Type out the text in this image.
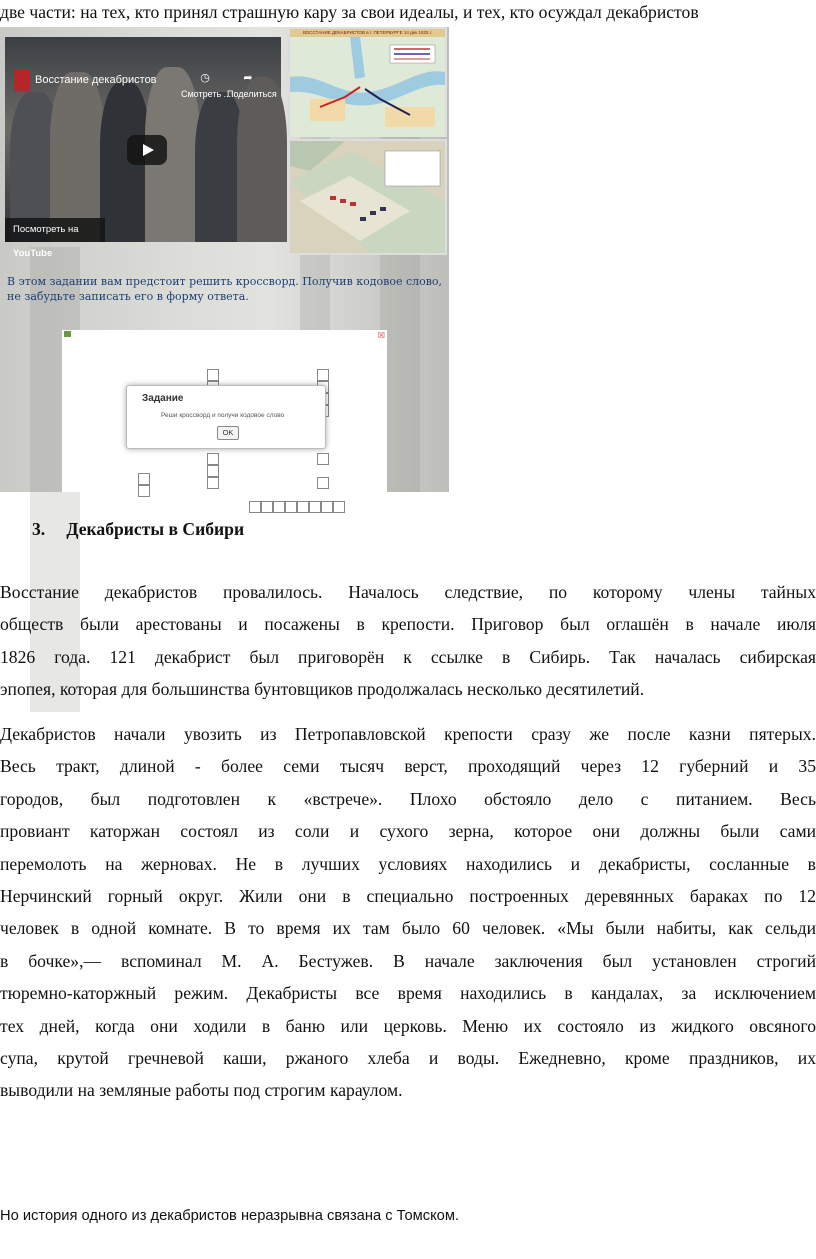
две части: на тех, кто принял страшную кару за свои идеалы, и тех, кто осуждал декабристов
Восстание декабристов	◷	➦
Смотреть ...
Поделиться
Посмотреть на YouTube
ВОССТАНИЕ ДЕКАБРИСТОВ в г. ПЕТЕРБУРГЕ 14 дек 1825 г.
В этом задании вам предстоит решить кроссворд. Получив кодовое слово, не забудьте записать его в форму ответа.
☒
Задание
Реши кроссворд и получи кодовое слово
OK
3. Декабристы в Сибири
Восстание декабристов провалилось. Началось следствие, по которому члены тайных
обществ были арестованы и посажены в крепости. Приговор был оглашён в начале июля
1826 года. 121 декабрист был приговорён к ссылке в Сибирь. Так началась сибирская
эпопея, которая для большинства бунтовщиков продолжалась несколько десятилетий.
Декабристов начали увозить из Петропавловской крепости сразу же после казни пятерых.
Весь тракт, длиной - более семи тысяч верст, проходящий через 12 губерний и 35
городов, был подготовлен к «встрече». Плохо обстояло дело с питанием. Весь
провиант каторжан состоял из соли и сухого зерна, которое они должны были сами
перемолоть на жерновах. Не в лучших условиях находились и декабристы, сосланные в
Нерчинский горный округ. Жили они в специально построенных деревянных бараках по 12
человек в одной комнате. В то время их там было 60 человек. «Мы были набиты, как сельди
в бочке»,— вспоминал М. А. Бестужев. В начале заключения был установлен строгий
тюремно-каторжный режим. Декабристы все время находились в кандалах, за исключением
тех дней, когда они ходили в баню или церковь. Меню их состояло из жидкого овсяного
супа, крутой гречневой каши, ржаного хлеба и воды. Ежедневно, кроме праздников, их
выводили на земляные работы под строгим караулом.
Но история одного из декабристов неразрывна связана с Томском.
